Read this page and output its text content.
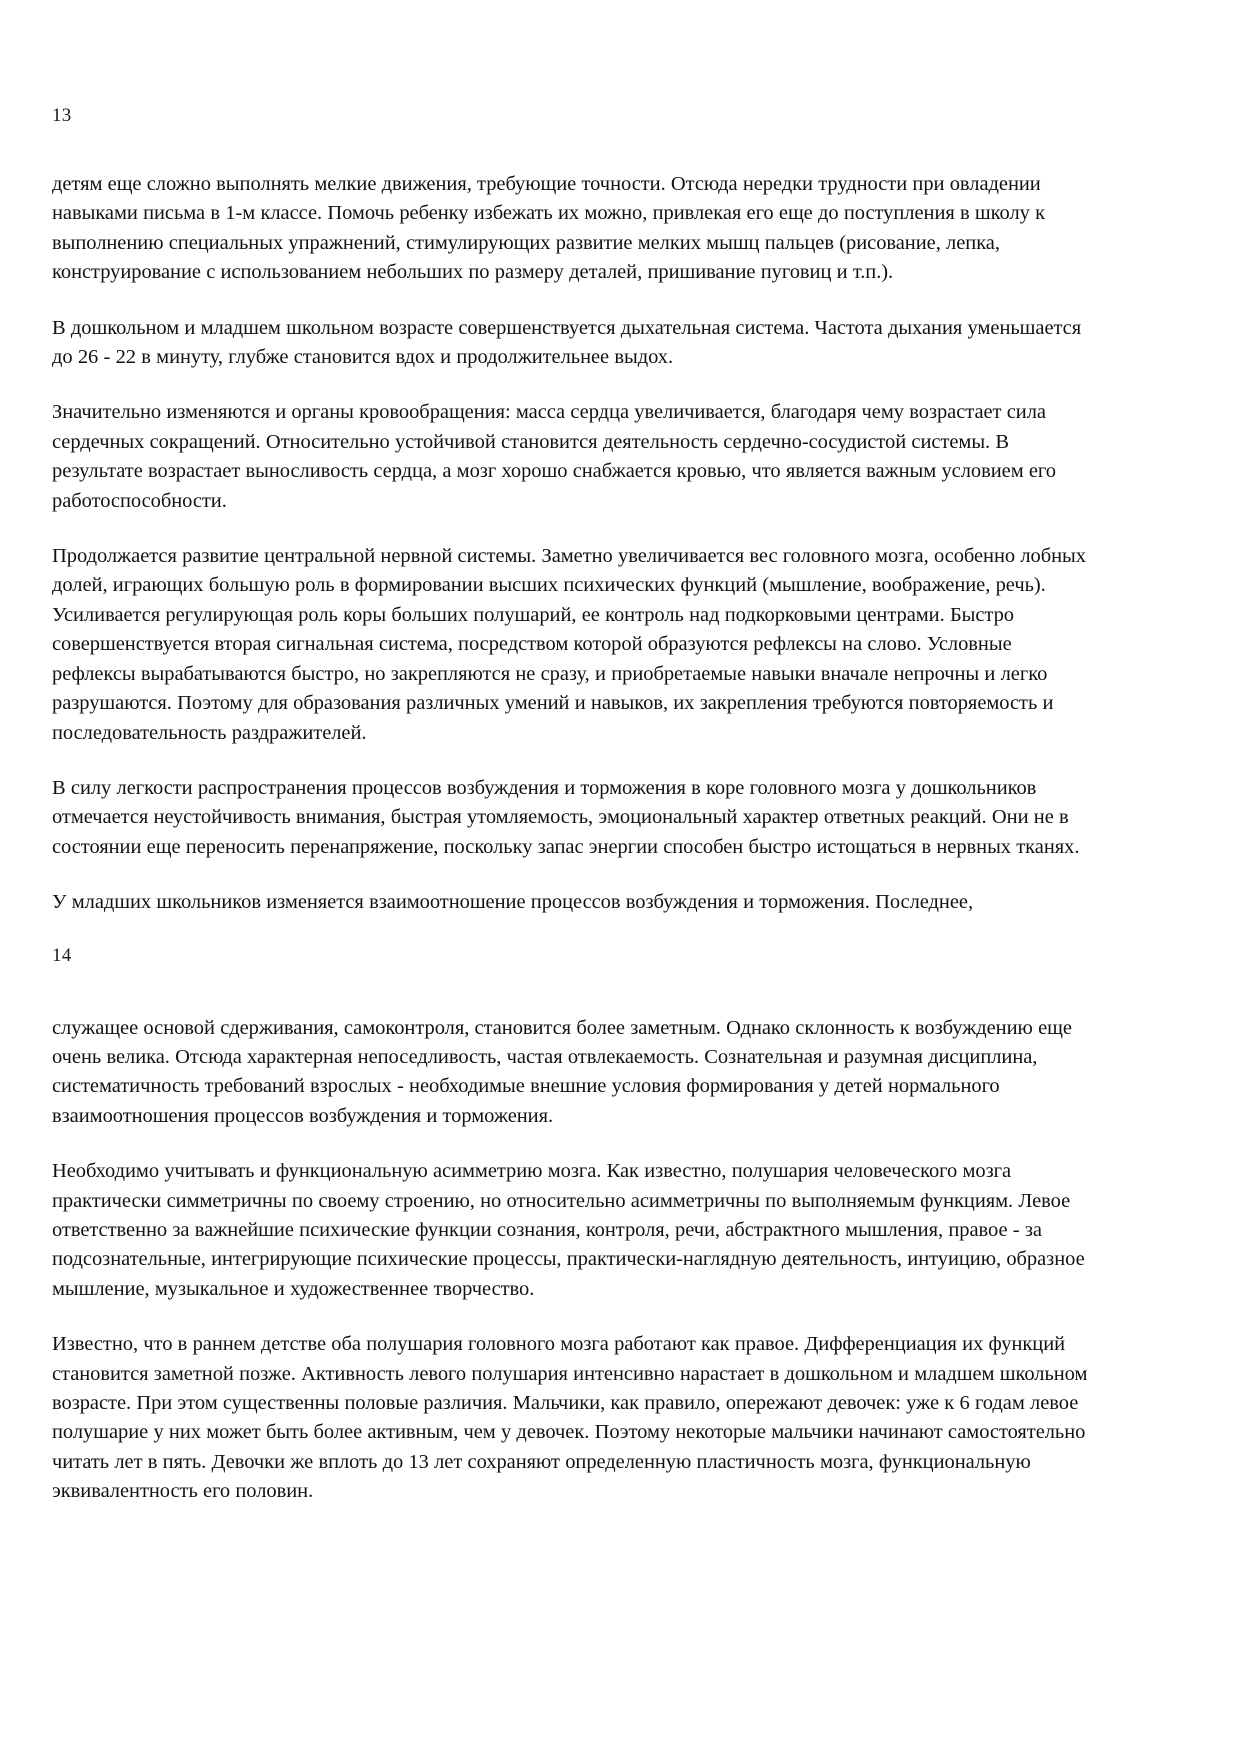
13

детям еще сложно выполнять мелкие движения, требующие точности. Отсюда нередки трудности при овладении навыками письма в 1-м классе. Помочь ребенку избежать их можно, привлекая его еще до поступления в школу к выполнению специальных упражнений, стимулирующих развитие мелких мышц пальцев (рисование, лепка, конструирование с использованием небольших по размеру деталей, пришивание пуговиц и т.п.).

В дошкольном и младшем школьном возрасте совершенствуется дыхательная система. Частота дыхания уменьшается до 26 - 22 в минуту, глубже становится вдох и продолжительнее выдох.

Значительно изменяются и органы кровообращения: масса сердца увеличивается, благодаря чему возрастает сила сердечных сокращений. Относительно устойчивой становится деятельность сердечно-сосудистой системы. В результате возрастает выносливость сердца, а мозг хорошо снабжается кровью, что является важным условием его работоспособности.

Продолжается развитие центральной нервной системы. Заметно увеличивается вес головного мозга, особенно лобных долей, играющих большую роль в формировании высших психических функций (мышление, воображение, речь). Усиливается регулирующая роль коры больших полушарий, ее контроль над подкорковыми центрами. Быстро совершенствуется вторая сигнальная система, посредством которой образуются рефлексы на слово. Условные рефлексы вырабатываются быстро, но закрепляются не сразу, и приобретаемые навыки вначале непрочны и легко разрушаются. Поэтому для образования различных умений и навыков, их закрепления требуются повторяемость и последовательность раздражителей.

В силу легкости распространения процессов возбуждения и торможения в коре головного мозга у дошкольников отмечается неустойчивость внимания, быстрая утомляемость, эмоциональный характер ответных реакций. Они не в состоянии еще переносить перенапряжение, поскольку запас энергии способен быстро истощаться в нервных тканях.

У младших школьников изменяется взаимоотношение процессов возбуждения и торможения. Последнее,

14

служащее основой сдерживания, самоконтроля, становится более заметным. Однако склонность к возбуждению еще очень велика. Отсюда характерная непоседливость, частая отвлекаемость. Сознательная и разумная дисциплина, систематичность требований взрослых - необходимые внешние условия формирования у детей нормального взаимоотношения процессов возбуждения и торможения.

Необходимо учитывать и функциональную асимметрию мозга. Как известно, полушария человеческого мозга практически симметричны по своему строению, но относительно асимметричны по выполняемым функциям. Левое ответственно за важнейшие психические функции сознания, контроля, речи, абстрактного мышления, правое - за подсознательные, интегрирующие психические процессы, практически-наглядную деятельность, интуицию, образное мышление, музыкальное и художественнее творчество.

Известно, что в раннем детстве оба полушария головного мозга работают как правое. Дифференциация их функций становится заметной позже. Активность левого полушария интенсивно нарастает в дошкольном и младшем школьном возрасте. При этом существенны половые различия. Мальчики, как правило, опережают девочек: уже к 6 годам левое полушарие у них может быть более активным, чем у девочек. Поэтому некоторые мальчики начинают самостоятельно читать лет в пять. Девочки же вплоть до 13 лет сохраняют определенную пластичность мозга, функциональную эквивалентность его половин.
